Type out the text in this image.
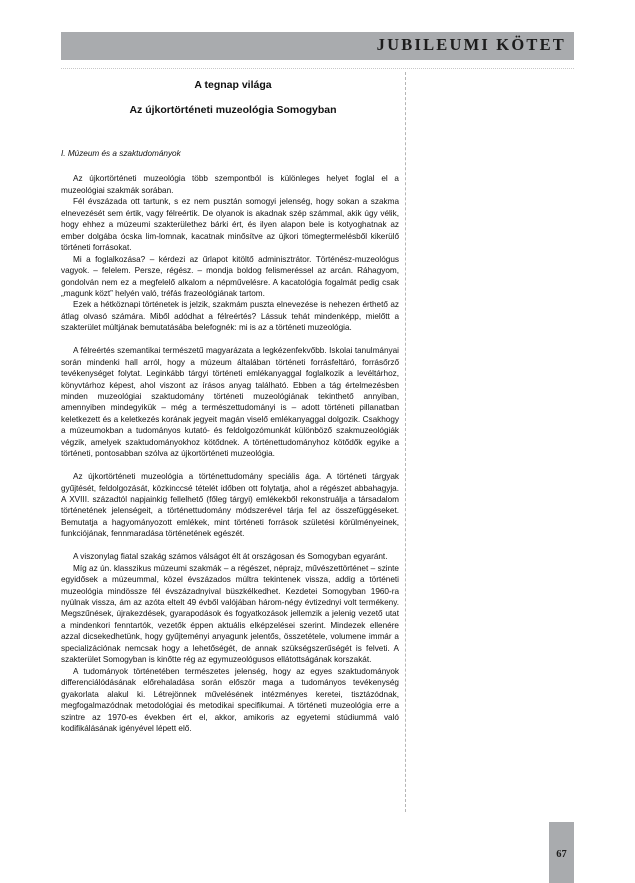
JUBILEUMI KÖTET
A tegnap világa
Az újkortörténeti muzeológia Somogyban
I. Múzeum és a szaktudományok

Az újkortörténeti muzeológia több szempontból is különleges helyet foglal el a muzeológiai szakmák sorában.

Fél évszázada ott tartunk, s ez nem pusztán somogyi jelenség, hogy sokan a szakma elnevezését sem értik, vagy félreértik. De olyanok is akadnak szép számmal, akik úgy vélik, hogy ehhez a múzeumi szakterülethez bárki ért, és ilyen alapon bele is kotyoghatnak az ember dolgába ócska lim-lomnak, kacatnak minősítve az újkori tömegtermelésből kikerülő történeti forrásokat.

Mi a foglalkozása? – kérdezi az űrlapot kitöltő adminisztrátor. Történész-muzeológus vagyok. – felelem. Persze, régész. – mondja boldog felismeréssel az arcán. Ráhagyom, gondolván nem ez a megfelelő alkalom a népművelésre. A kacatológia fogalmát pedig csak „magunk közt” helyén való, tréfás frazeológiának tartom.

Ezek a hétköznapi történetek is jelzik, szakmám puszta elnevezése is nehezen érthető az átlag olvasó számára. Miből adódhat a félreértés? Lássuk tehát mindenképp, mielőtt a szakterület múltjának bemutatásába belefognék: mi is az a történeti muzeológia.

A félreértés szemantikai természetű magyarázata a legkézenfekvőbb. Iskolai tanulmányai során mindenki hall arról, hogy a múzeum általában történeti forrásfeltáró, forrásőrző tevékenységet folytat. Leginkább tárgyi történeti emlékanyaggal foglalkozik a levéltárhoz, könyvtárhoz képest, ahol viszont az írásos anyag található. Ebben a tág értelmezésben minden muzeológiai szaktudomány történeti muzeológiának tekinthető annyiban, amennyiben mindegyikük – még a természettudományi is – adott történeti pillanatban keletkezett és a keletkezés korának jegyeit magán viselő emlékanyaggal dolgozik. Csakhogy a múzeumokban a tudományos kutató- és feldolgozómunkát különböző szakmuzeológiák végzik, amelyek szaktudományokhoz kötődnek. A történettudományhoz kötődők egyike a történeti, pontosabban szólva az újkortörténeti muzeológia.

Az újkortörténeti muzeológia a történettudomány speciális ága. A történeti tárgyak gyűjtését, feldolgozását, közkinccsé tételét időben ott folytatja, ahol a régészet abbahagyja. A XVIII. századtól napjainkig fellelhető (főleg tárgyi) emlékekből rekonstruálja a társadalom történetének jelenségeit, a történettudomány módszerével tárja fel az összefüggéseket. Bemutatja a hagyományozott emlékek, mint történeti források születési körülményeinek, funkciójának, fennmaradása történetének egészét.

A viszonylag fiatal szakág számos válságot élt át országosan és Somogyban egyaránt.

Míg az ún. klasszikus múzeumi szakmák – a régészet, néprajz, művészettörténet – szinte egyidősek a múzeummal, közel évszázados múltra tekintenek vissza, addig a történeti muzeológia mindössze fél évszázadnyival büszkélkedhet. Kezdetei Somogyban 1960-ra nyúlnak vissza, ám az azóta eltelt 49 évből valójában három-négy évtizednyi volt termékeny. Megszűnések, újrakezdések, gyarapodások és fogyatkozások jellemzik a jelenig vezető utat a mindenkori fenntartók, vezetők éppen aktuális elképzelései szerint. Mindezek ellenére azzal dicsekedhetünk, hogy gyűjteményi anyagunk jelentős, összetétele, volumene immár a specializációnak nemcsak hogy a lehetőségét, de annak szükségszerűségét is felveti. A szakterület Somogyban is kinőtte rég az egymuzeológusos ellátottságának korszakát.

A tudományok történetében természetes jelenség, hogy az egyes szaktudományok differenciálódásának előrehaladása során először maga a tudományos tevékenység gyakorlata alakul ki. Létrejönnek művelésének intézményes keretei, tisztázódnak, megfogalmazódnak metodológiai és metodikai specifikumai. A történeti muzeológia erre a szintre az 1970-es években ért el, akkor, amikoris az egyetemi stúdiummá való kodifikálásának igényével lépett elő.

67
